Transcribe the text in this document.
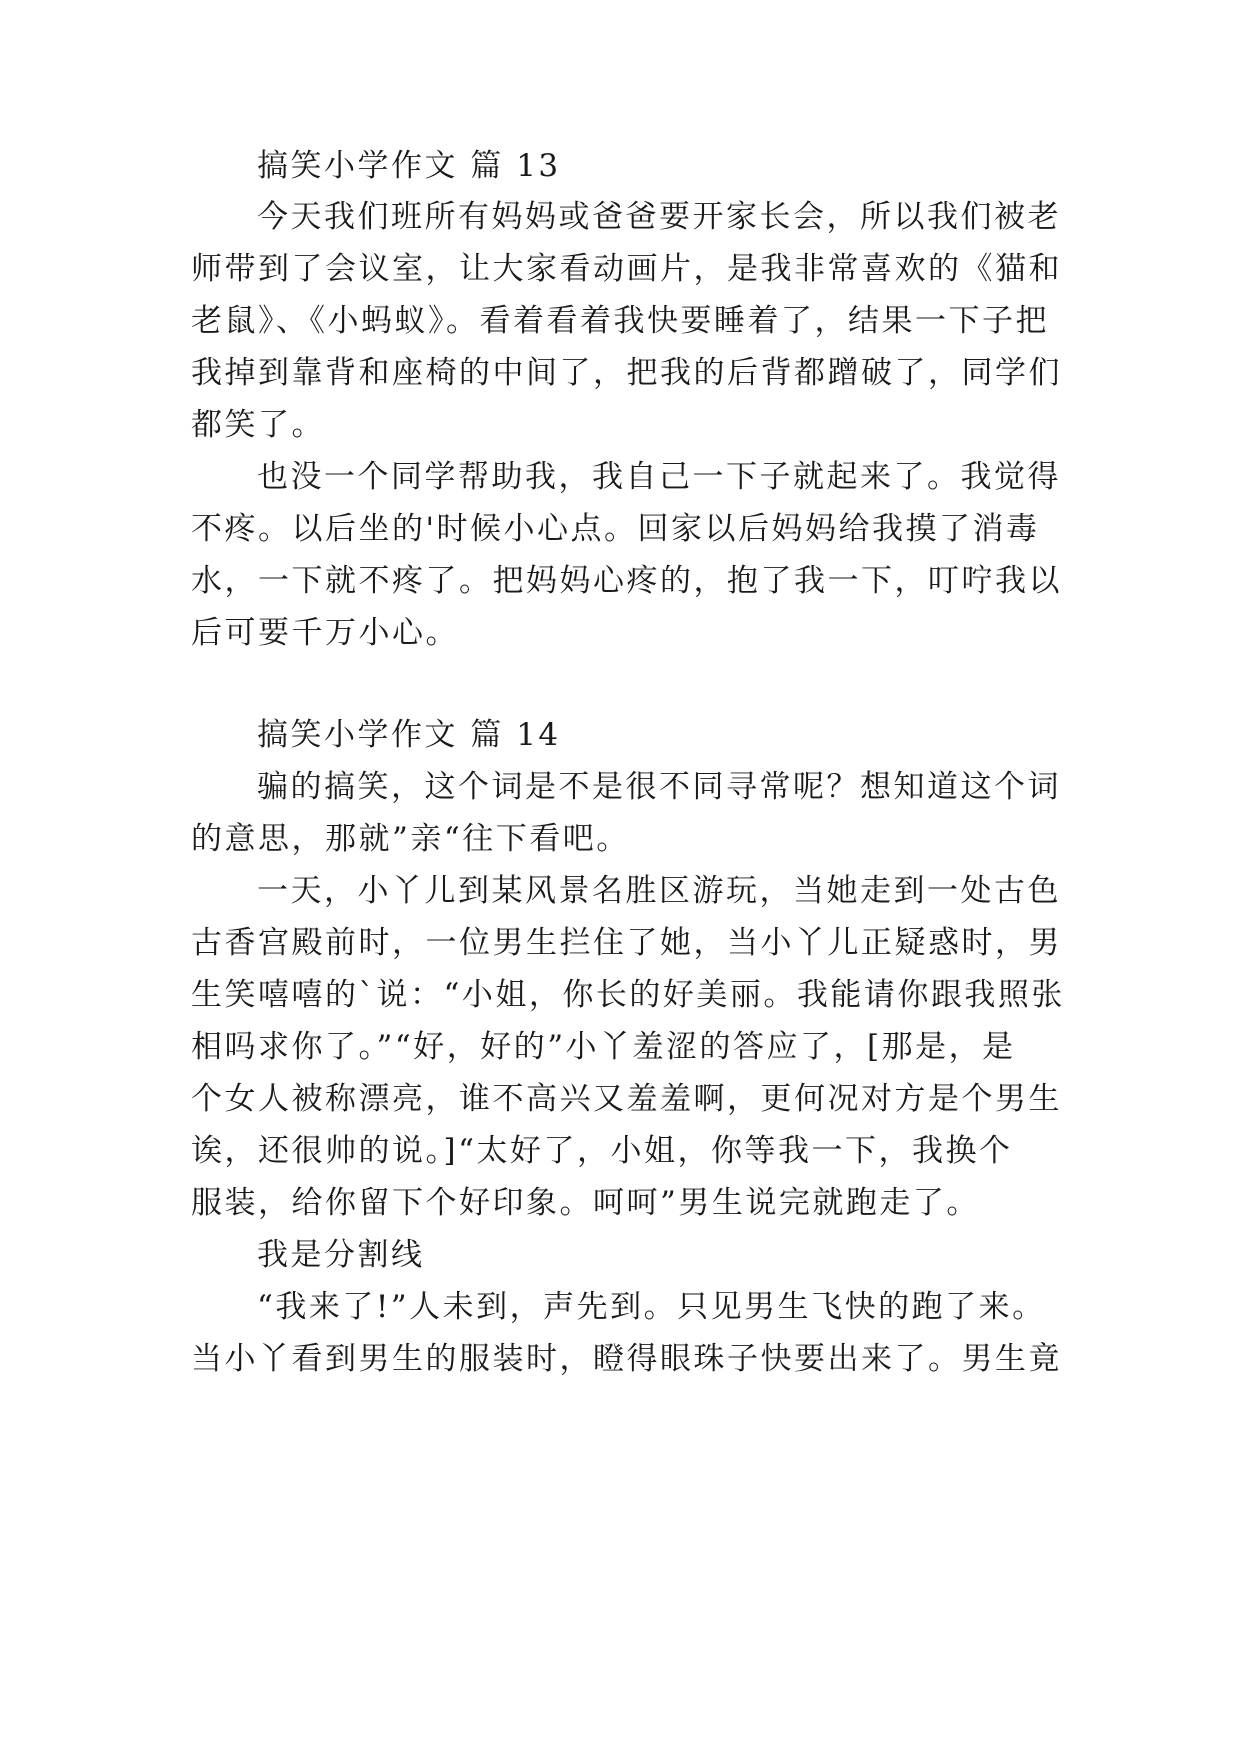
搞笑小学作文 篇 13
今天我们班所有妈妈或爸爸要开家长会，所以我们被老
师带到了会议室，让大家看动画片，是我非常喜欢的《猫和
老鼠》、《小蚂蚁》。看着看着我快要睡着了，结果一下子把
我掉到靠背和座椅的中间了，把我的后背都蹭破了，同学们
都笑了。
也没一个同学帮助我，我自己一下子就起来了。我觉得
不疼。以后坐的'时候小心点。回家以后妈妈给我摸了消毒
水，一下就不疼了。把妈妈心疼的，抱了我一下，叮咛我以
后可要千万小心。
搞笑小学作文 篇 14
骗的搞笑，这个词是不是很不同寻常呢？想知道这个词
的意思，那就”亲“往下看吧。
一天，小丫儿到某风景名胜区游玩，当她走到一处古色
古香宫殿前时，一位男生拦住了她，当小丫儿正疑惑时，男
生笑嘻嘻的`说：“小姐，你长的好美丽。我能请你跟我照张
相吗求你了。”“好，好的”小丫羞涩的答应了，[那是，是
个女人被称漂亮，谁不高兴又羞羞啊，更何况对方是个男生
诶，还很帅的说。]“太好了，小姐，你等我一下，我换个
服装，给你留下个好印象。呵呵”男生说完就跑走了。
我是分割线
“我来了!”人未到，声先到。只见男生飞快的跑了来。
当小丫看到男生的服装时，瞪得眼珠子快要出来了。男生竟
